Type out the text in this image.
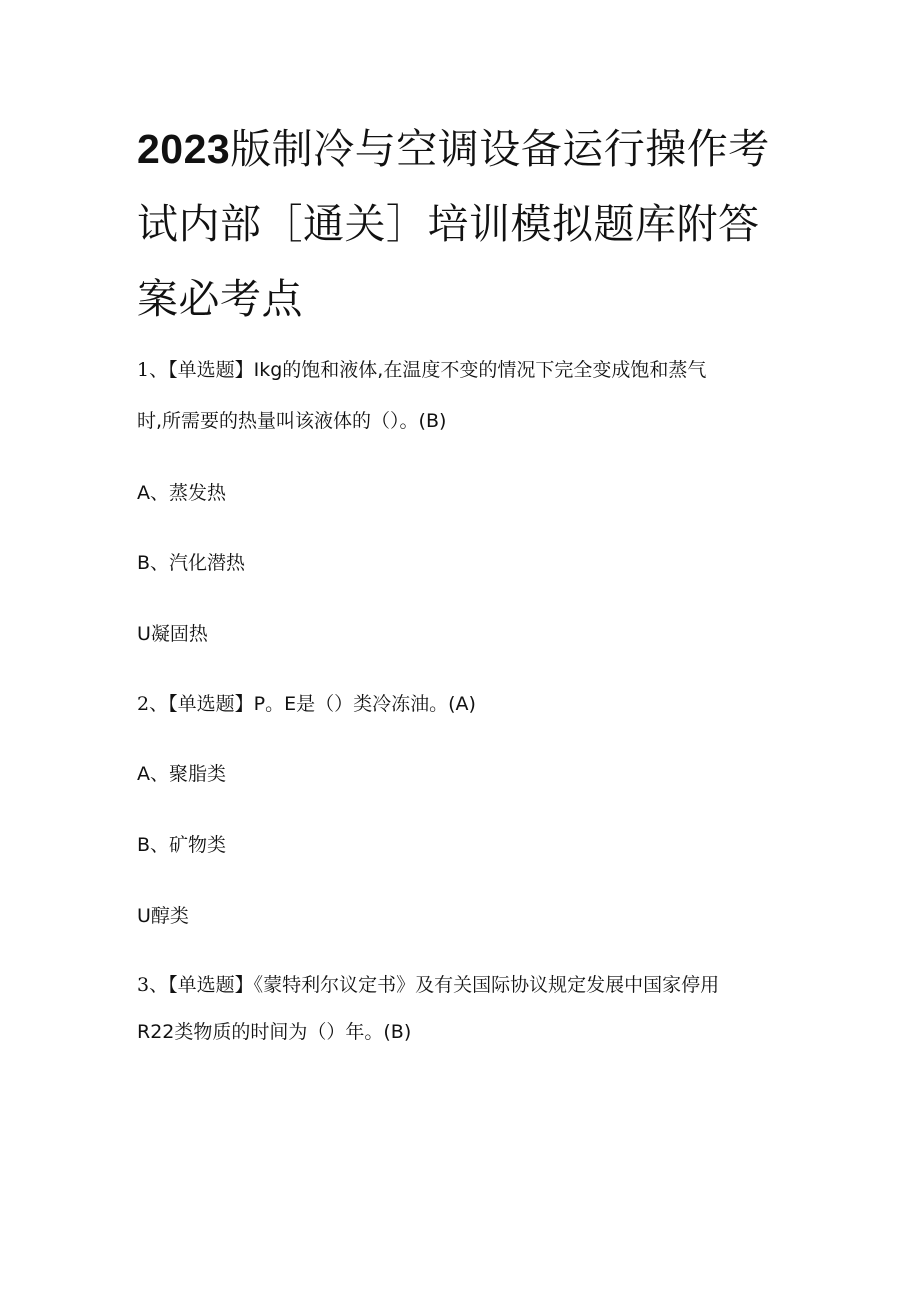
2023版制冷与空调设备运行操作考试内部［通关］培训模拟题库附答案必考点

1、【单选题】Ikg的饱和液体,在温度不变的情况下完全变成饱和蒸气

时,所需要的热量叫该液体的（）。(B)

A、蒸发热

B、汽化潜热

U凝固热

2、【单选题】P。E是（）类冷冻油。(A)

A、聚脂类

B、矿物类

U醇类

3、【单选题】《蒙特利尔议定书》及有关国际协议规定发展中国家停用

R22类物质的时间为（）年。(B)
